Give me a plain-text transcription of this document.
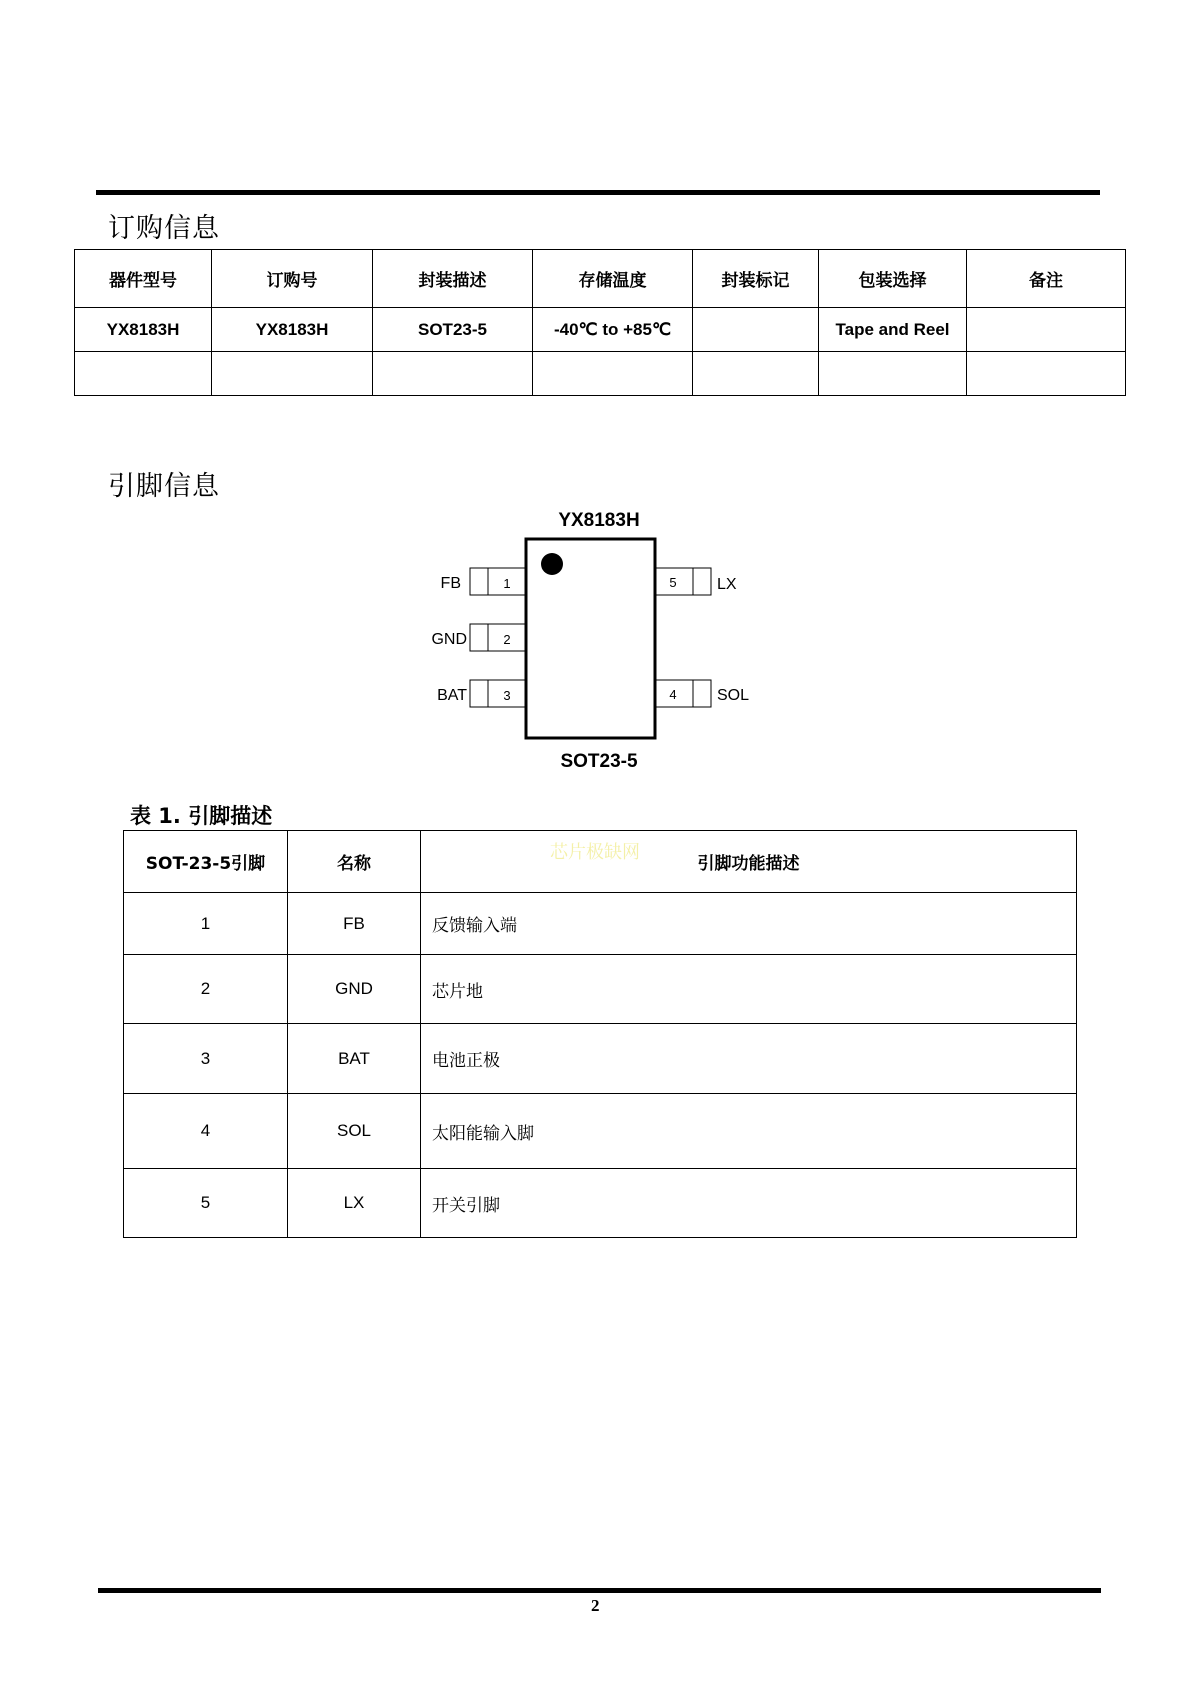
订购信息
器件型号	订购号	封装描述	存储温度	封装标记	包装选择	备注
YX8183H	YX8183H	SOT23-5	-40℃ to +85℃		Tape and Reel	

引脚信息
YX8183H
1
FB
2
GND
3
BAT
5	LX
4	SOL
SOT23-5

表 1. 引脚描述

SOT-23-5引脚	名称	引脚功能描述
1	FB	反馈输入端
2	GND	芯片地
3	BAT	电池正极
4	SOL	太阳能输入脚
5	LX	开关引脚
芯片极缺网
2
